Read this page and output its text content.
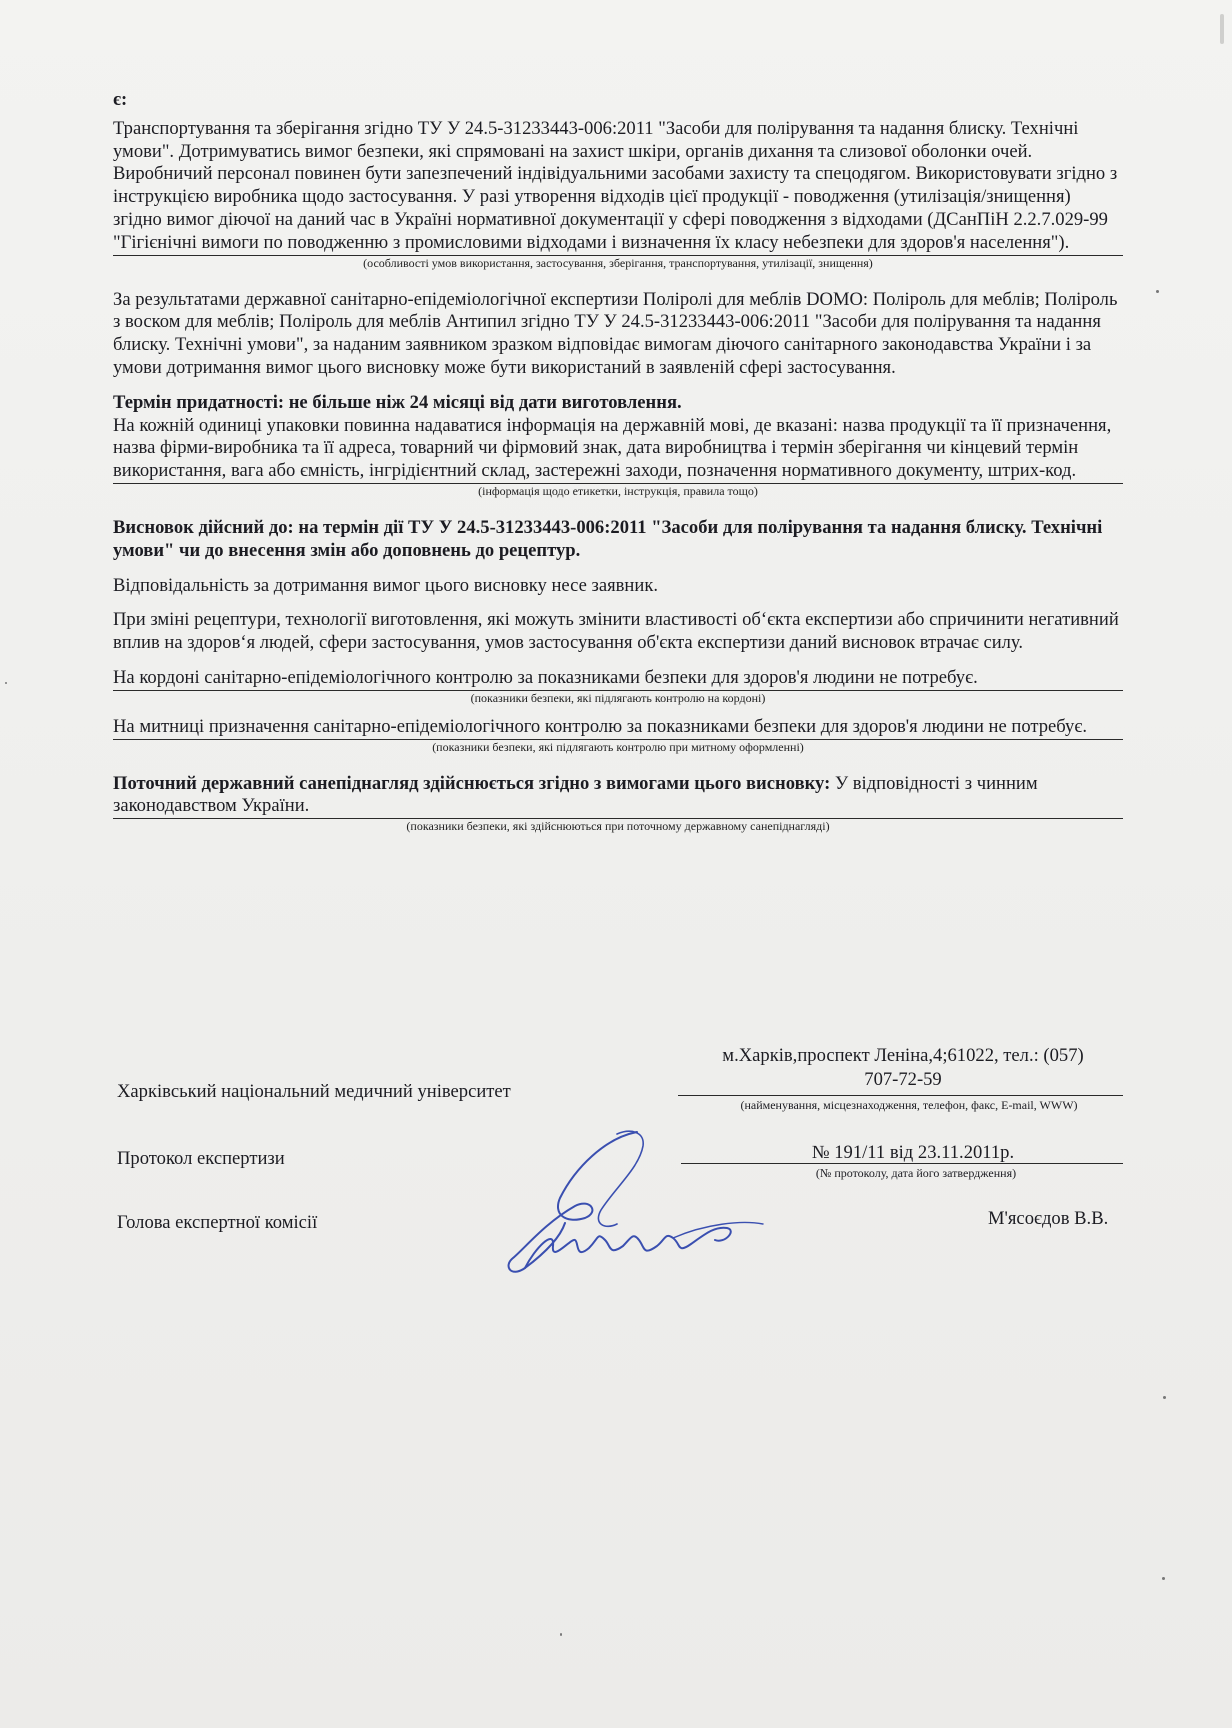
є:

Транспортування та зберігання згідно ТУ У 24.5-31233443-006:2011 "Засоби для полірування та надання блиску. Технічні умови". Дотримуватись вимог безпеки, які спрямовані на захист шкіри, органів дихання та слизової оболонки очей. Виробничий персонал повинен бути запезпечений індівідуальними засобами захисту та спецодягом. Використовувати згідно з інструкцією виробника щодо застосування. У разі утворення відходів цієї продукції - поводження (утилізація/знищення) згідно вимог діючої на даний час в Україні нормативної документації у сфері поводження з відходами (ДСанПіН 2.2.7.029-99 "Гігієнічні вимоги по поводженню з промисловими відходами і визначення їх класу небезпеки для здоров'я населення").

(особливості умов використання, застосування, зберігання, транспортування, утилізації, знищення)

За результатами державної санітарно-епідеміологічної експертизи Поліролі для меблів DOMO: Поліроль для меблів; Поліроль з воском для меблів; Поліроль для меблів Антипил згідно ТУ У 24.5-31233443-006:2011 "Засоби для полірування та надання блиску. Технічні умови", за наданим заявником зразком відповідає вимогам діючого санітарного законодавства України і за умови дотримання вимог цього висновку може бути використаний в заявленій сфері застосування.

Термін придатності: не більше ніж 24 місяці від дати виготовлення.

На кожній одиниці упаковки повинна надаватися інформація на державній мові, де вказані: назва продукції та її призначення, назва фірми-виробника та її адреса, товарний чи фірмовий знак, дата виробництва і термін зберігання чи кінцевий термін використання, вага або ємність, інгрідієнтний склад, застережні заходи, позначення нормативного документу, штрих-код.

(інформація щодо етикетки, інструкція, правила тощо)

Висновок дійсний до: на термін дії ТУ У 24.5-31233443-006:2011 "Засоби для полірування та надання блиску. Технічні умови" чи до внесення змін або доповнень до рецептур.

Відповідальність за дотримання вимог цього висновку несе заявник.

При зміні рецептури, технології виготовлення, які можуть змінити властивості об‘єкта експертизи або спричинити негативний вплив на здоров‘я людей, сфери застосування, умов застосування об'єкта експертизи даний висновок втрачає силу.

На кордоні санітарно-епідеміологічного контролю за показниками безпеки для здоров'я людини не потребує.

(показники безпеки, які підлягають контролю на кордоні)

На митниці призначення санітарно-епідеміологічного контролю за показниками безпеки для здоров'я людини не потребує.

(показники безпеки, які підлягають контролю при митному оформленні)

Поточний державний санепіднагляд здійснюється згідно з вимогами цього висновку: У відповідності з чинним законодавством України.

(показники безпеки, які здійснюються при поточному державному санепіднагляді)
Харківський національний медичний університет
м.Харків,проспект Леніна,4;61022, тел.: (057)
707-72-59
(найменування, місцезнаходження, телефон, факс, E-mail, WWW)
Протокол експертизи	№ 191/11 від 23.11.2011р.
(№ протоколу, дата його затвердження)
Голова експертної комісії	М'ясоєдов В.В.
